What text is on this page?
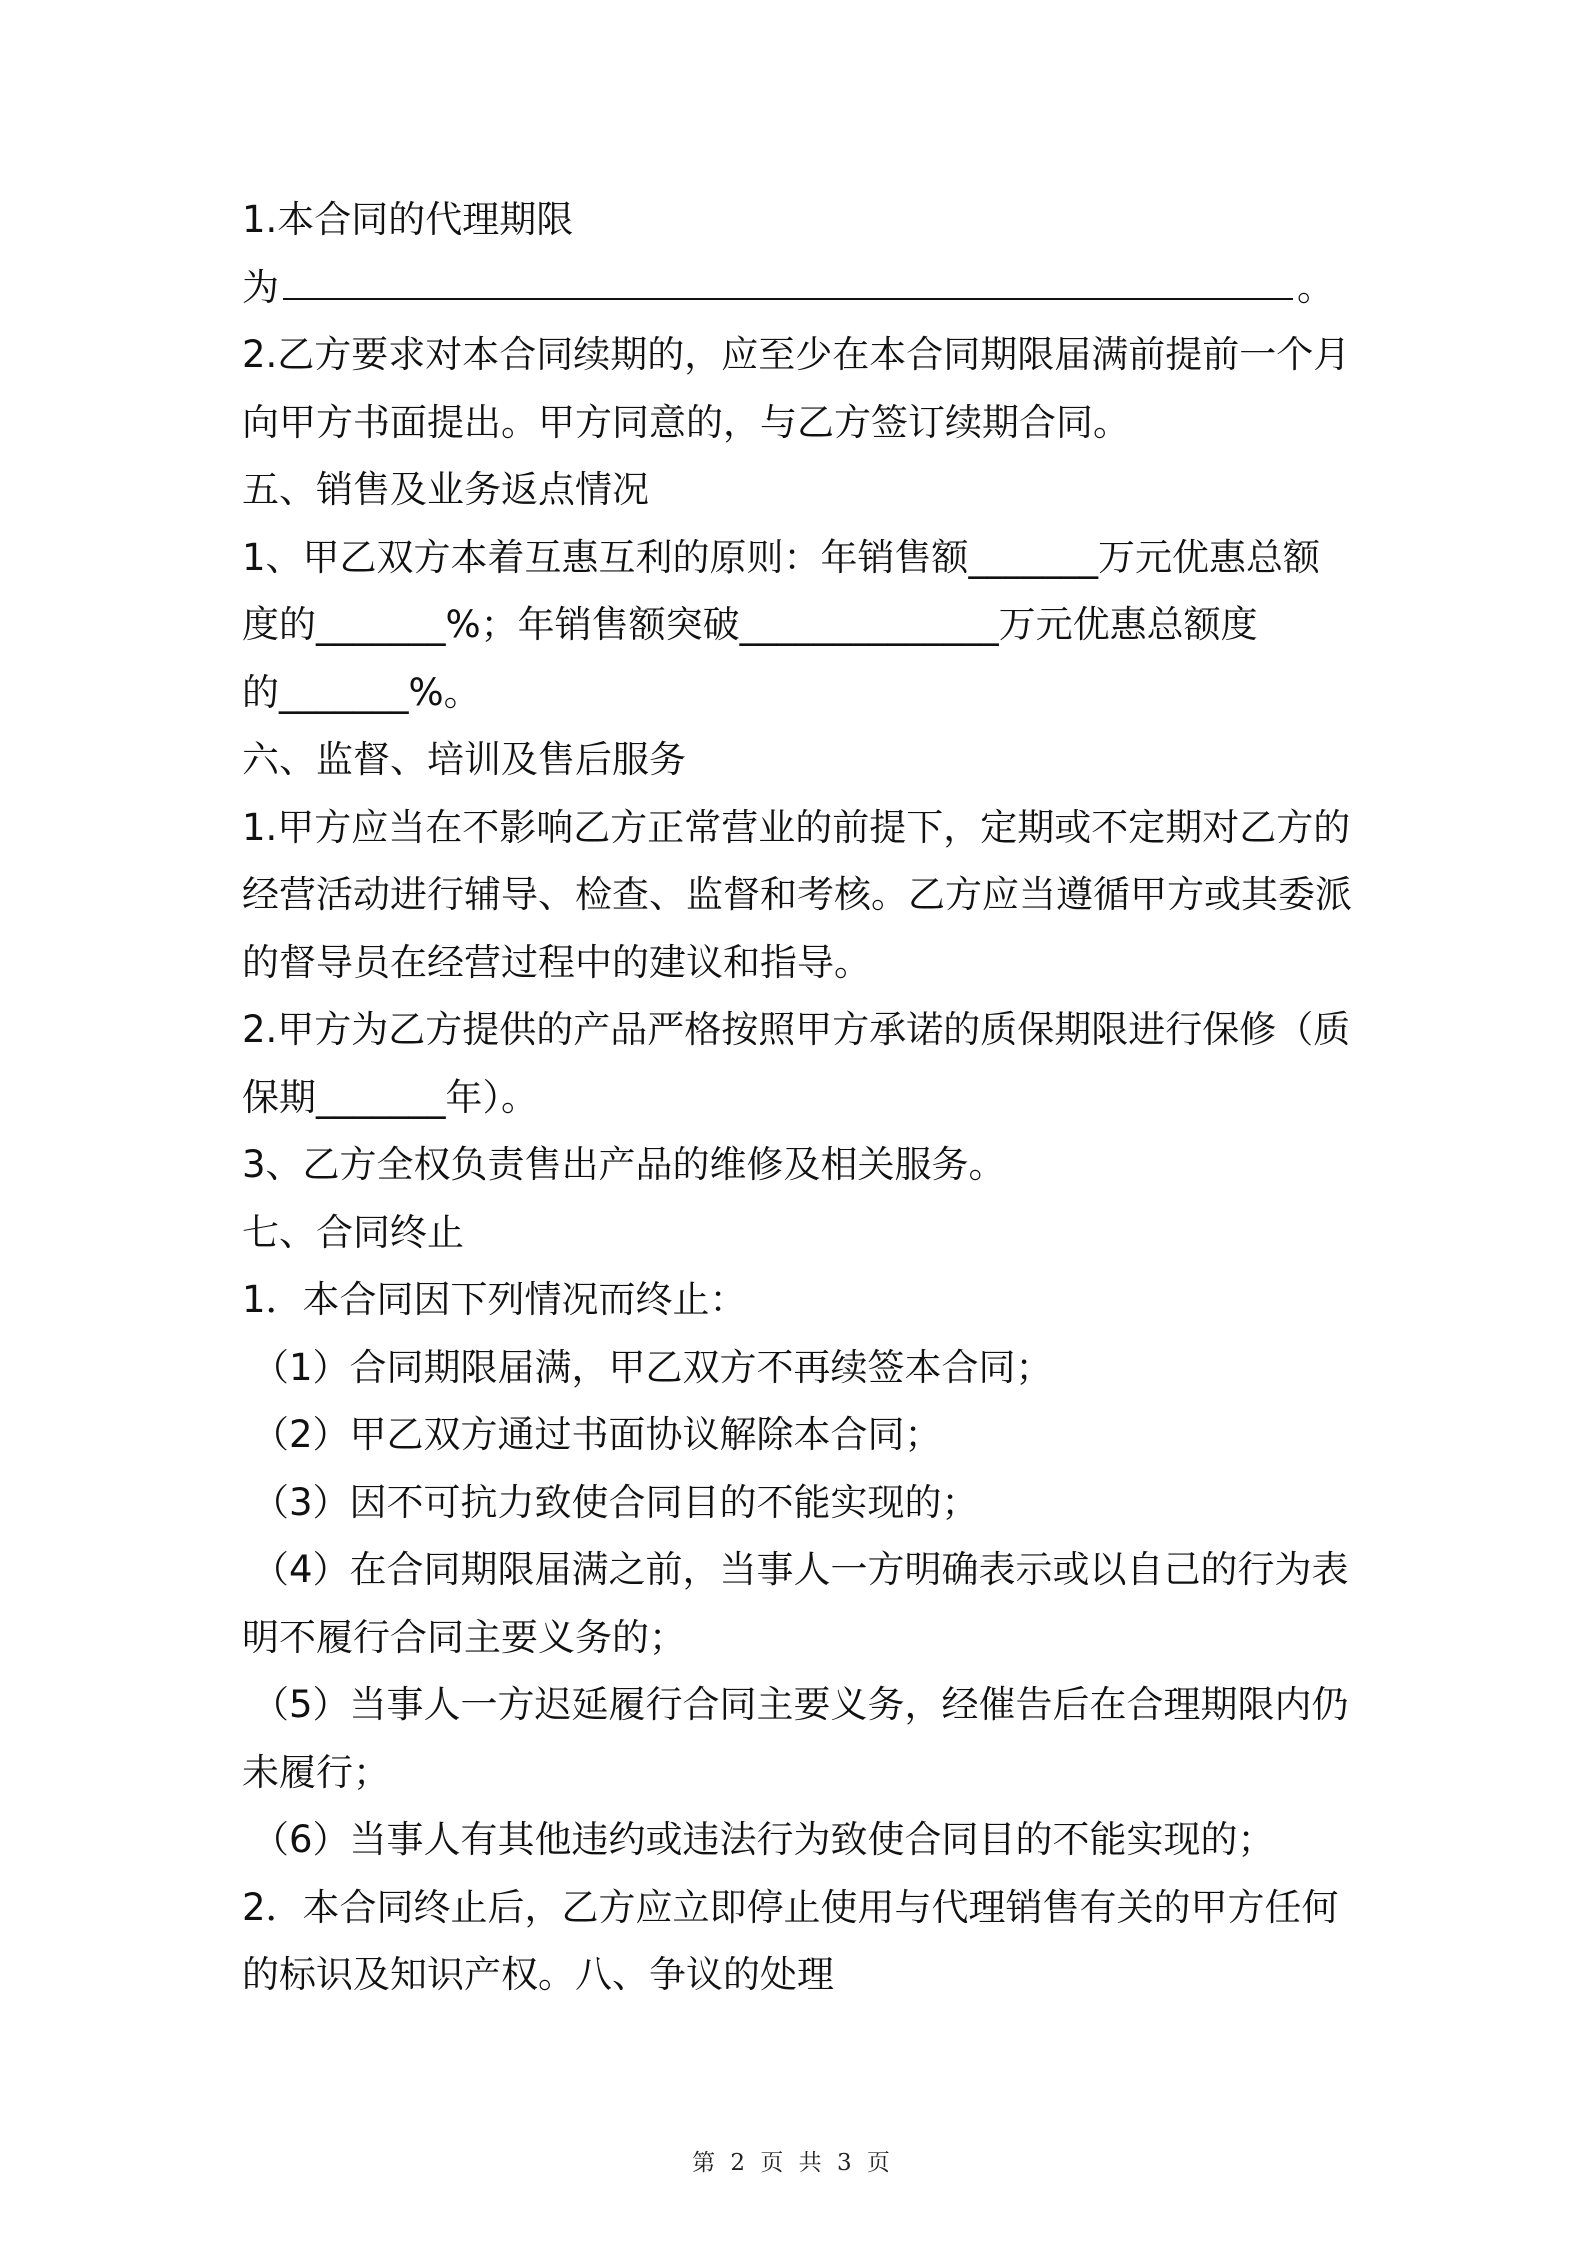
1.本合同的代理期限
为	。
2.乙方要求对本合同续期的，应至少在本合同期限届满前提前一个月
向甲方书面提出。甲方同意的，与乙方签订续期合同。
五、销售及业务返点情况
1、甲乙双方本着互惠互利的原则：年销售额_______万元优惠总额
度的_______%；年销售额突破______________万元优惠总额度
的_______%。
六、监督、培训及售后服务
1.甲方应当在不影响乙方正常营业的前提下，定期或不定期对乙方的
经营活动进行辅导、检查、监督和考核。乙方应当遵循甲方或其委派
的督导员在经营过程中的建议和指导。
2.甲方为乙方提供的产品严格按照甲方承诺的质保期限进行保修（质
保期_______年）。
3、乙方全权负责售出产品的维修及相关服务。
七、合同终止
1．本合同因下列情况而终止：
（1）合同期限届满，甲乙双方不再续签本合同；
（2）甲乙双方通过书面协议解除本合同；
（3）因不可抗力致使合同目的不能实现的；
（4）在合同期限届满之前，当事人一方明确表示或以自己的行为表
明不履行合同主要义务的；
（5）当事人一方迟延履行合同主要义务，经催告后在合理期限内仍
未履行；
（6）当事人有其他违约或违法行为致使合同目的不能实现的；
2．本合同终止后，乙方应立即停止使用与代理销售有关的甲方任何
的标识及知识产权。八、争议的处理
第 2 页 共 3 页
